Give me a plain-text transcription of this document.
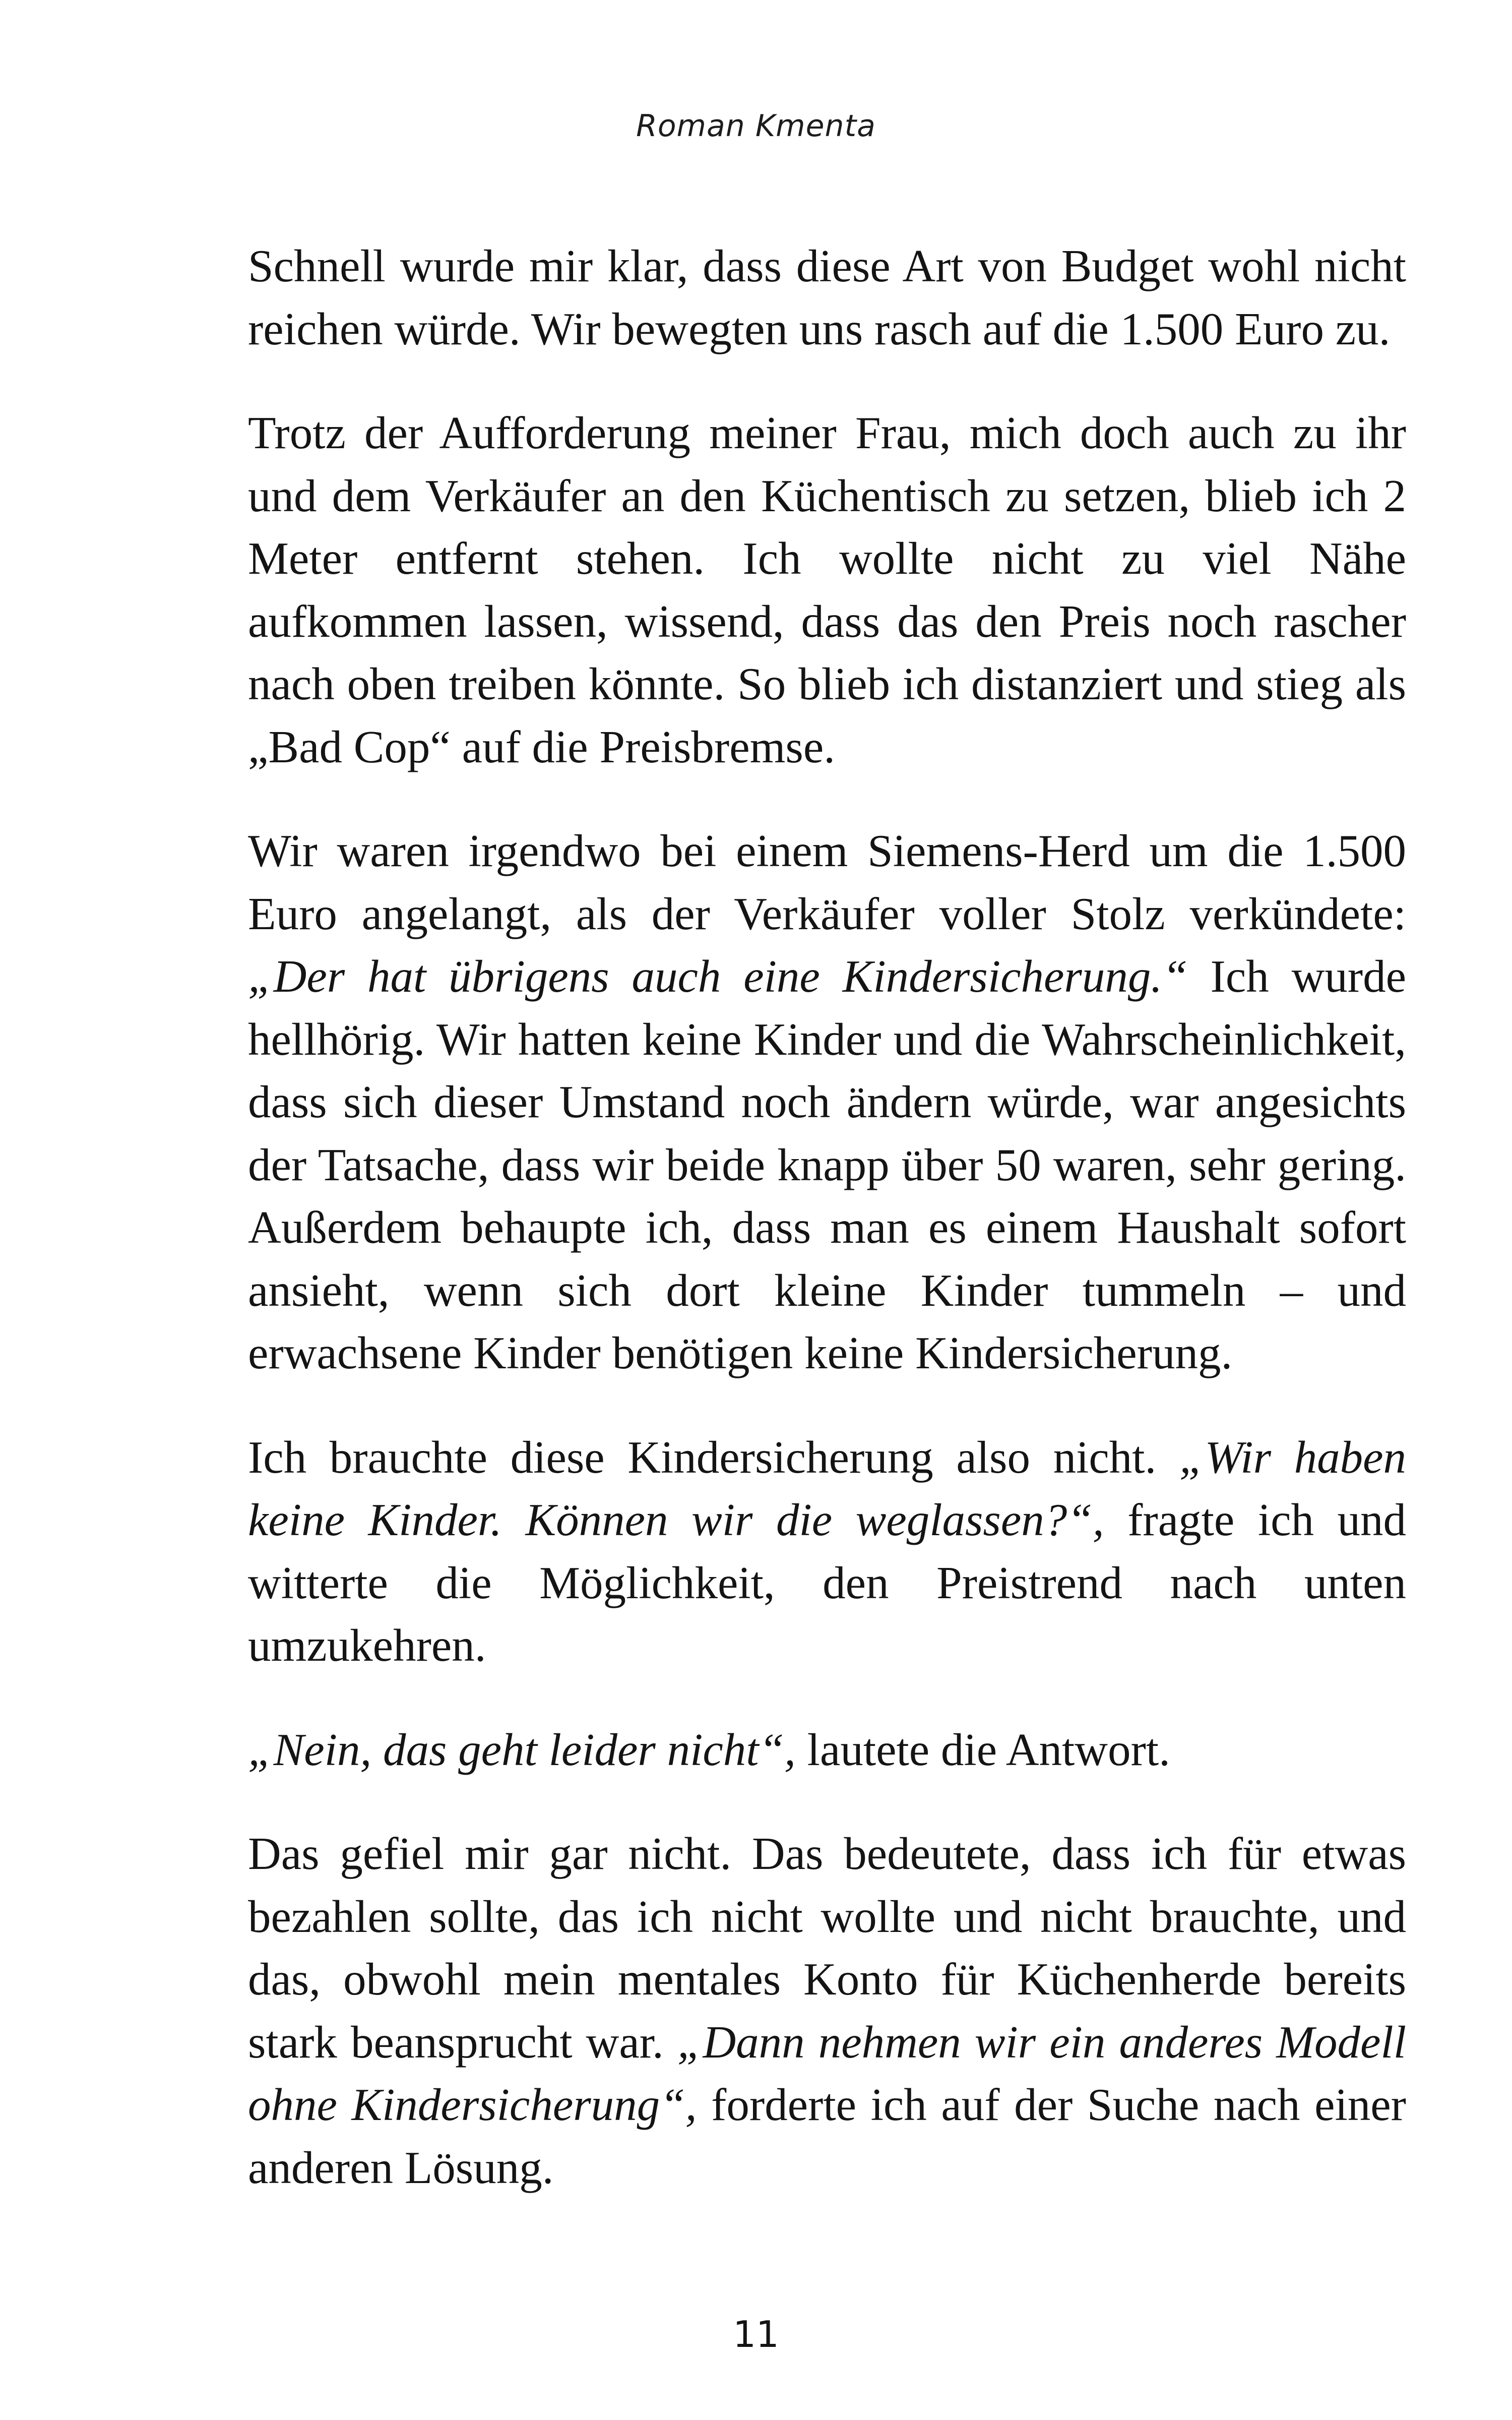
Roman Kmenta

Schnell wurde mir klar, dass diese Art von Budget wohl nicht reichen würde. Wir bewegten uns rasch auf die 1.500 Euro zu.

Trotz der Aufforderung meiner Frau, mich doch auch zu ihr und dem Verkäufer an den Küchentisch zu setzen, blieb ich 2 Meter entfernt stehen. Ich wollte nicht zu viel Nähe aufkommen lassen, wissend, dass das den Preis noch rascher nach oben treiben könnte. So blieb ich distanziert und stieg als „Bad Cop“ auf die Preisbremse.

Wir waren irgendwo bei einem Siemens-Herd um die 1.500 Euro angelangt, als der Verkäufer voller Stolz verkündete: „Der hat übrigens auch eine Kindersicherung.“ Ich wurde hellhörig. Wir hatten keine Kinder und die Wahrscheinlichkeit, dass sich dieser Umstand noch ändern würde, war angesichts der Tatsache, dass wir beide knapp über 50 waren, sehr gering. Außerdem behaupte ich, dass man es einem Haushalt sofort ansieht, wenn sich dort kleine Kinder tummeln – und erwachsene Kinder benötigen keine Kindersicherung.

Ich brauchte diese Kindersicherung also nicht. „Wir haben keine Kinder. Können wir die weglassen?“, fragte ich und witterte die Möglichkeit, den Preistrend nach unten umzukehren.

„Nein, das geht leider nicht“, lautete die Antwort.

Das gefiel mir gar nicht. Das bedeutete, dass ich für etwas bezahlen sollte, das ich nicht wollte und nicht brauchte, und das, obwohl mein mentales Konto für Küchenherde bereits stark beansprucht war. „Dann nehmen wir ein anderes Modell ohne Kindersicherung“, forderte ich auf der Suche nach einer anderen Lösung.

11
